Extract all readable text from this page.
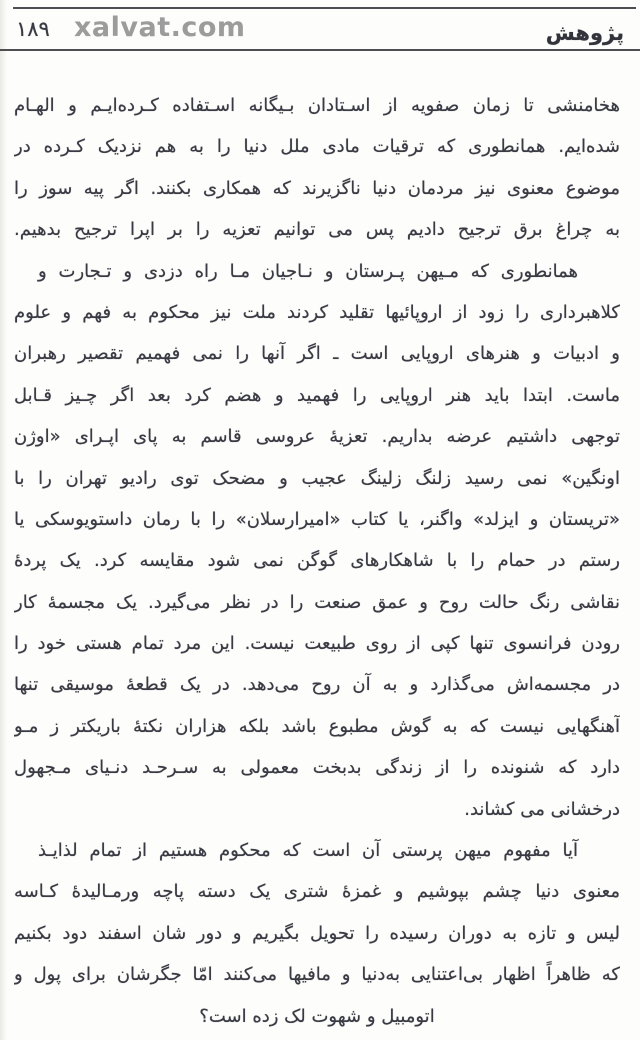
۱۸۹ xalvat.com	پژوهش
هخامنشی تا زمان صفویه از اسـتادان بـیگانه اسـتفاده کـرده‌ایـم و الهـام
شده‌ایم. همانطوری که ترقیات مادی ملل دنیا را به هم نزدیک کـرده در
موضوع معنوی نیز مردمان دنیا ناگزیرند که همکاری بکنند. اگر پیه سوز را
به چراغ برق ترجیح دادیم پس می توانیم تعزیه را بر اپرا ترجیح بدهیم.
همانطوری که مـیهن پـرستان و نـاجیان مـا راه دزدی و تـجارت و
کلاهبرداری را زود از اروپائیها تقلید کردند ملت نیز محکوم به فهم و علوم
و ادبیات و هنرهای اروپایی است ـ اگر آنها را نمی فهمیم تقصیر رهبران
ماست. ابتدا باید هنر اروپایی را فهمید و هضم کرد بعد اگر چـیز قـابل
توجهی داشتیم عرضه بداریم. تعزیهٔ عروسی قاسم به پای اپـرای «اوژن
اونگین» نمی رسید زلنگ زلینگ عجیب و مضحک توی رادیو تهران را با
«تریستان و ایزلد» واگنر، یا کتاب «امیرارسلان» را با رمان داستویوسکی یا
رستم در حمام را با شاهکارهای گوگن نمی شود مقایسه کرد. یک پردهٔ
نقاشی رنگ حالت روح و عمق صنعت را در نظر می‌گیرد. یک مجسمهٔ کار
رودن فرانسوی تنها کپی از روی طبیعت نیست. این مرد تمام هستی خود را
در مجسمه‌اش می‌گذارد و به آن روح می‌دهد. در یک قطعهٔ موسیقی تنها
آهنگهایی نیست که به گوش مطبوع باشد بلکه هزاران نکتهٔ باریکتر ز مـو
دارد که شنونده را از زندگی بدبخت معمولی به سـرحـد دنـیای مـجهول
درخشانی می کشاند.
آیا مفهوم میهن پرستی آن است که محکوم هستیم از تمام لذایـذ
معنوی دنیا چشم بپوشیم و غمزهٔ شتری یک دسته پاچه ورمـالیدهٔ کـاسه
لیس و تازه به دوران رسیده را تحویل بگیریم و دور شان اسفند دود بکنیم
که ظاهراً اظهار بی‌اعتنایی به‌دنیا و مافیها می‌کنند امّا جگرشان برای پول و
اتومبیل و شهوت لک زده است؟
